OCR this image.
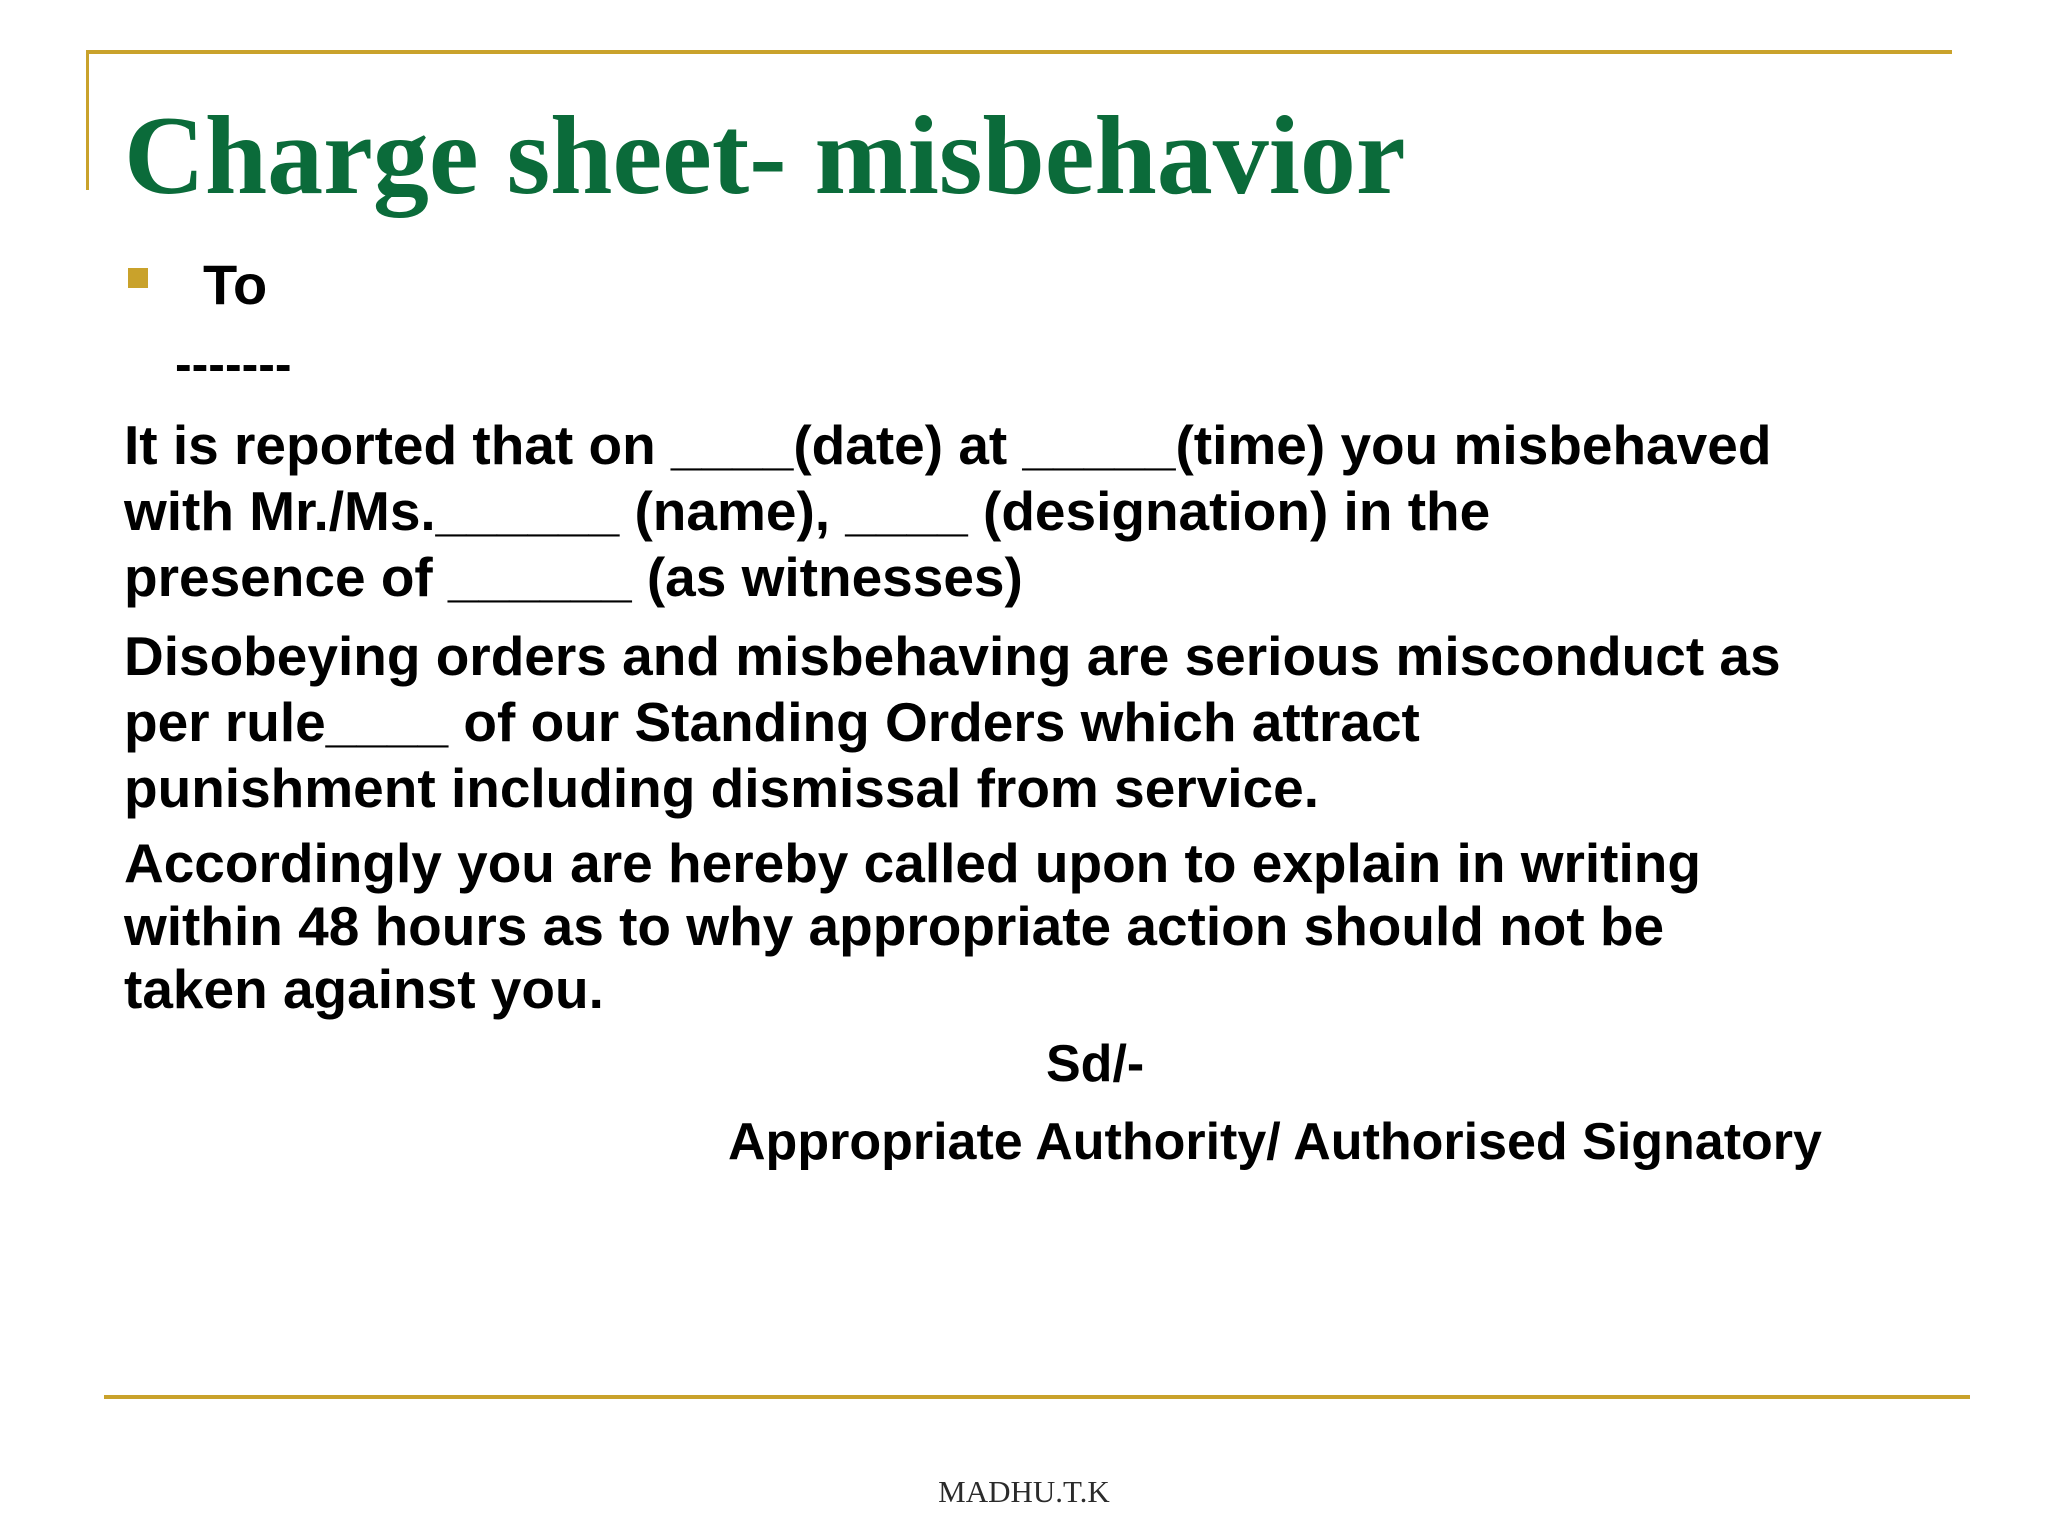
Charge sheet- misbehavior
To
-------

It is reported that on ____(date) at _____(time) you misbehaved
with Mr./Ms.______ (name), ____ (designation) in the
presence of ______ (as witnesses)

Disobeying orders and misbehaving are serious misconduct as
per rule____ of our Standing Orders which attract
punishment including dismissal from service.

Accordingly you are hereby called upon to explain in writing
within 48 hours as to why appropriate action should not be
taken against you.

Sd/-
Appropriate Authority/ Authorised Signatory
MADHU.T.K
